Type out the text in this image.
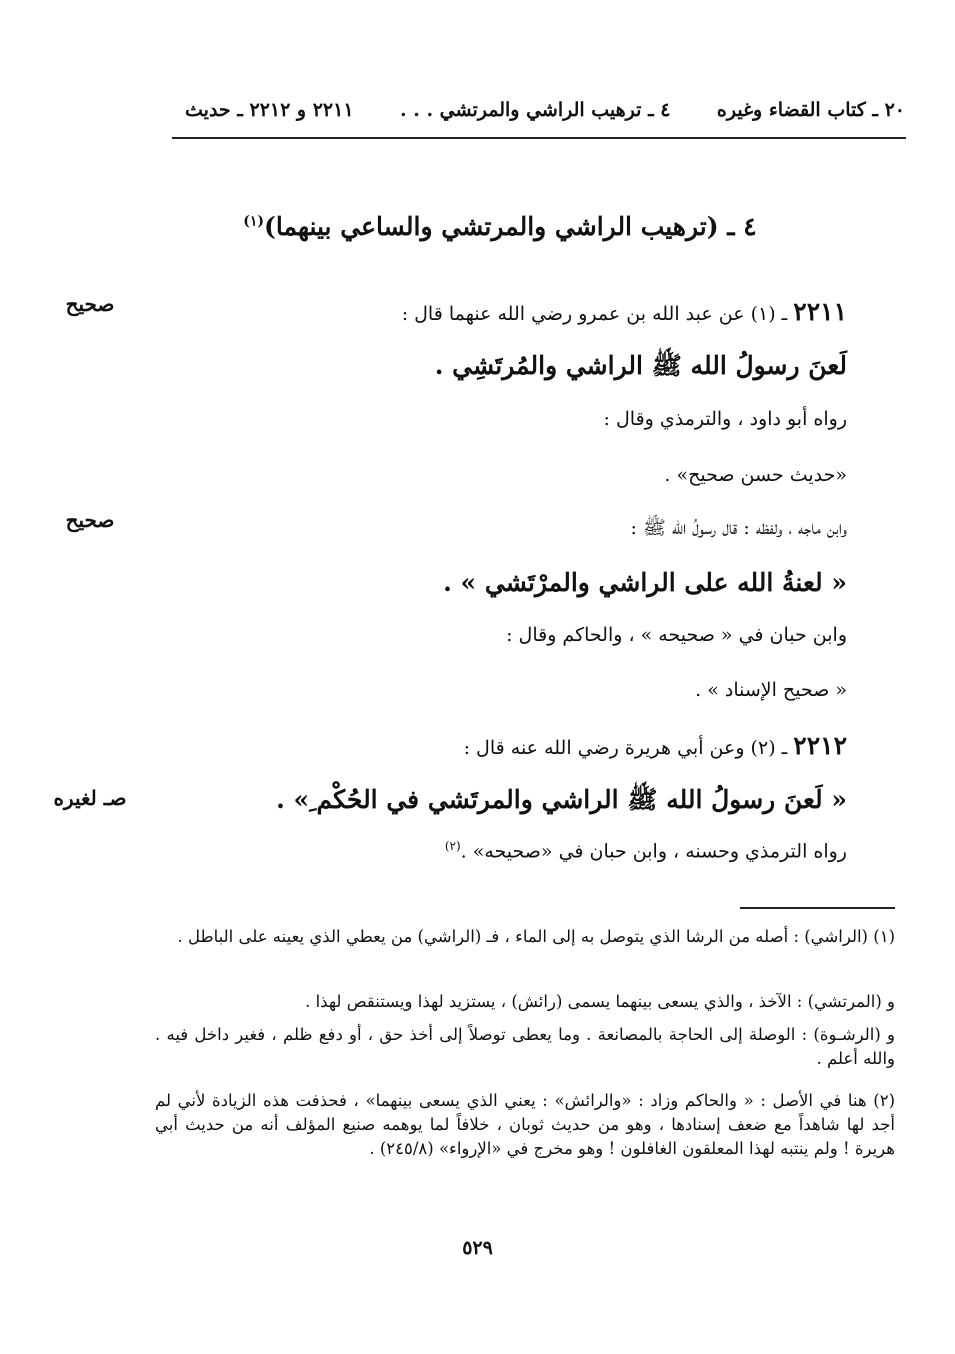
٢٠ ـ كتاب القضاء وغيره
٤ ـ ترهيب الراشي والمرتشي . . .
٢٢١١ و ٢٢١٢ ـ حديث
٤ ـ (ترهيب الراشي والمرتشي والساعي بينهما)$^{(١)}$
صحيح	٢٢١١ ـ (١) عن عبد الله بن عمرو رضي الله عنهما قال :
لَعنَ رسولُ الله ﷺ الراشي والمُرتَشِي .
رواه أبو داود ، والترمذي وقال :
«حديث حسن صحيح» .
صحيح	وابن ماجه ، ولفظه : قال رسولُ الله ﷺ :
« لعنةُ الله على الراشي والمرْتَشي » .
وابن حبان في « صحيحه » ، والحاكم وقال :
« صحيح الإسناد » .
٢٢١٢ ـ (٢) وعن أبي هريرة رضي الله عنه قال :
صـ لغيره	« لَعنَ رسولُ الله ﷺ الراشي والمرتَشي في الحُكْم ِ» .
رواه الترمذي وحسنه ، وابن حبان في «صحيحه» .$^{(٢)}$
(١) (الراشي) : أصله من الرشا الذي يتوصل به إلى الماء ، فـ (الراشي) من يعطي الذي يعينه على الباطل .
و (المرتشي) : الآخذ ، والذي يسعى بينهما يسمى (رائش) ، يستزيد لهذا ويستنقص لهذا .
و (الرشـوة) : الوصلة إلى الحاجة بالمصانعة . وما يعطى توصلاً إلى أخذ حق ، أو دفع ظلم ، فغير داخل فيه . والله أعلم .
(٢) هنا في الأصل : « والحاكم وزاد : «والرائش» : يعني الذي يسعى بينهما» ، فحذفت هذه الزيادة لأني لم أجد لها شاهداً مع ضعف إسنادها ، وهو من حديث ثوبان ، خلافاً لما يوهمه صنيع المؤلف أنه من حديث أبي هريرة ! ولم ينتبه لهذا المعلقون الغافلون ! وهو مخرج في «الإرواء» (٢٤٥/٨) .
٥٢٩
